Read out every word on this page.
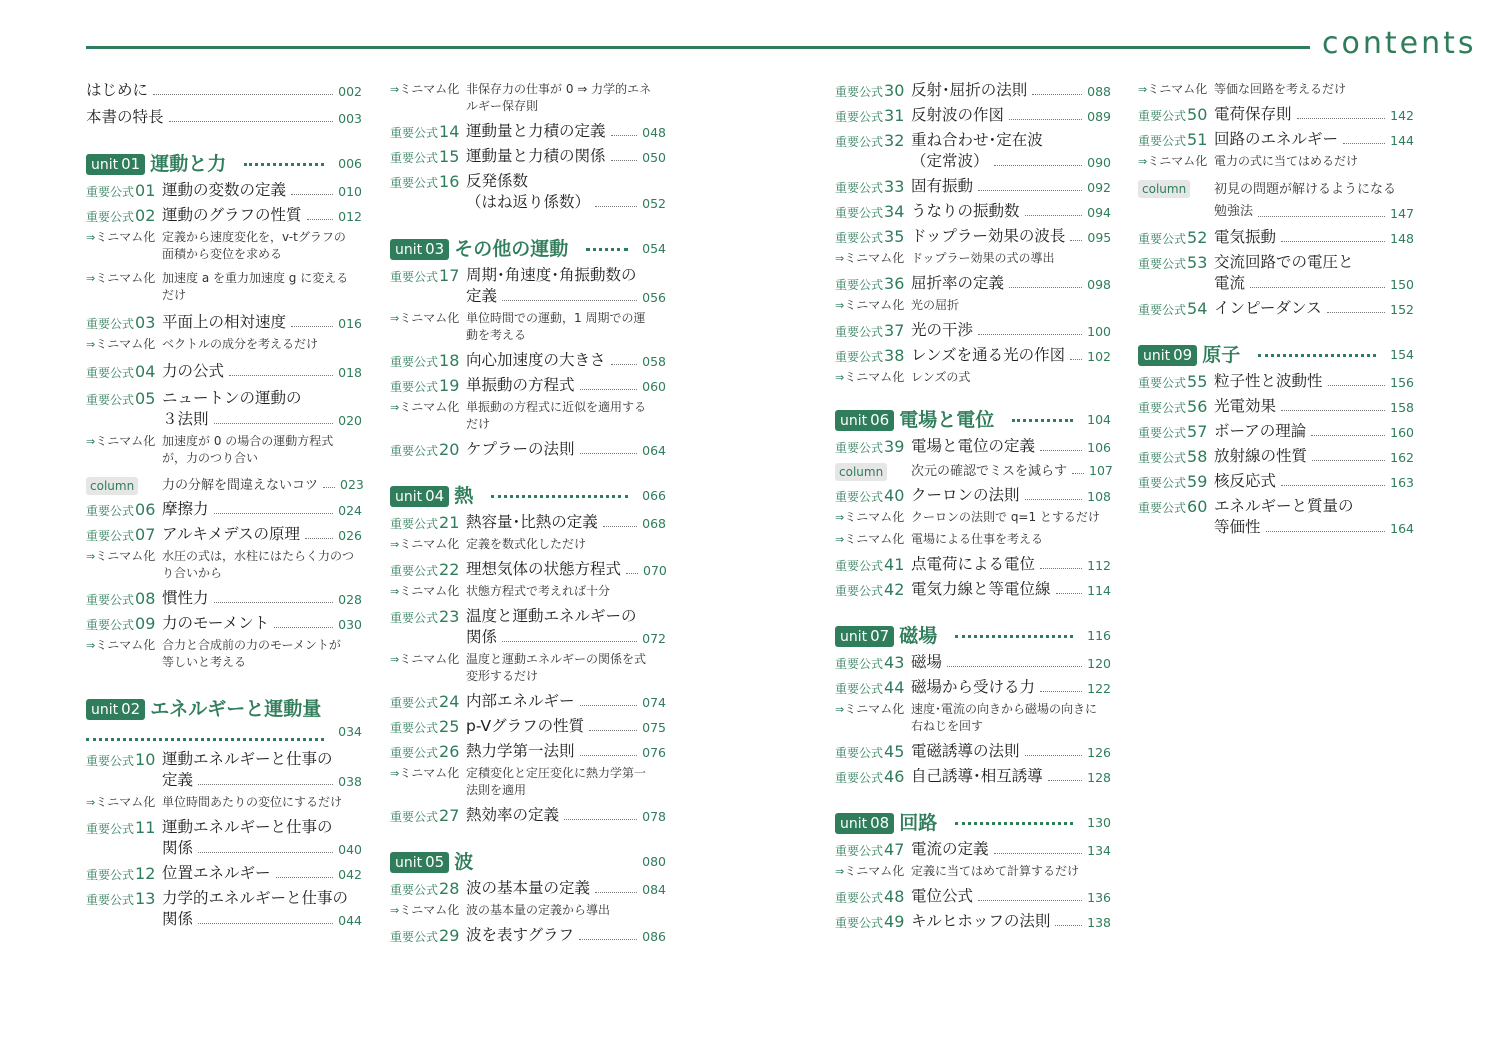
contents
はじめに	002
本書の特長	003
unit 01 運動と力	006
重要公式01 運動の変数の定義	010
重要公式02 運動のグラフの性質	012
⇒ミニマム化 定義から速度変化を，v-tグラフの
面積から変位を求める
⇒ミニマム化 加速度 a を重力加速度 g に変える
だけ
重要公式03 平面上の相対速度	016
⇒ミニマム化 ベクトルの成分を考えるだけ
重要公式04 力の公式	018
重要公式05 ニュートンの運動の
３法則	020
⇒ミニマム化 加速度が 0 の場合の運動方程式
が，力のつり合い
column	力の分解を間違えないコツ 023
重要公式06 摩擦力	024
重要公式07 アルキメデスの原理	026
⇒ミニマム化 水圧の式は，水柱にはたらく力のつ
り合いから
重要公式08 慣性力	028
重要公式09 力のモーメント	030
⇒ミニマム化 合力と合成前の力のモーメントが
等しいと考える
unit 02 エネルギーと運動量
034
重要公式10 運動エネルギーと仕事の
定義	038
⇒ミニマム化 単位時間あたりの変位にするだけ
重要公式11 運動エネルギーと仕事の
関係	040
重要公式12 位置エネルギー	042
重要公式13 力学的エネルギーと仕事の
関係	044
⇒ミニマム化 非保存力の仕事が 0 ⇒ 力学的エネ
ルギー保存則
重要公式14 運動量と力積の定義	048
重要公式15 運動量と力積の関係	050
重要公式16 反発係数
（はね返り係数）	052
unit 03 その他の運動	054
重要公式17 周期･角速度･角振動数の
定義	056
⇒ミニマム化 単位時間での運動，1 周期での運
動を考える
重要公式18 向心加速度の大きさ	058
重要公式19 単振動の方程式	060
⇒ミニマム化 単振動の方程式に近似を適用する
だけ
重要公式20 ケプラーの法則	064
unit 04 熱	066
重要公式21 熱容量･比熱の定義	068
⇒ミニマム化 定義を数式化しただけ
重要公式22 理想気体の状態方程式 070
⇒ミニマム化 状態方程式で考えれば十分
重要公式23 温度と運動エネルギーの
関係	072
⇒ミニマム化 温度と運動エネルギーの関係を式
変形するだけ
重要公式24 内部エネルギー	074
重要公式25 p-Vグラフの性質	075
重要公式26 熱力学第一法則	076
⇒ミニマム化 定積変化と定圧変化に熱力学第一
法則を適用
重要公式27 熱効率の定義	078
unit 05 波	080
重要公式28 波の基本量の定義	084
⇒ミニマム化 波の基本量の定義から導出
重要公式29 波を表すグラフ	086
重要公式30 反射･屈折の法則	088
重要公式31 反射波の作図	089
重要公式32 重ね合わせ･定在波
（定常波）	090
重要公式33 固有振動	092
重要公式34 うなりの振動数	094
重要公式35 ドップラー効果の波長 095
⇒ミニマム化 ドップラー効果の式の導出
重要公式36 屈折率の定義	098
⇒ミニマム化 光の屈折
重要公式37 光の干渉	100
重要公式38 レンズを通る光の作図 102
⇒ミニマム化 レンズの式
unit 06 電場と電位	104
重要公式39 電場と電位の定義	106
column	次元の確認でミスを減らす 107
重要公式40 クーロンの法則	108
⇒ミニマム化 クーロンの法則で q=1 とするだけ
⇒ミニマム化 電場による仕事を考える
重要公式41 点電荷による電位	112
重要公式42 電気力線と等電位線	114
unit 07 磁場	116
重要公式43 磁場	120
重要公式44 磁場から受ける力	122
⇒ミニマム化 速度･電流の向きから磁場の向きに
右ねじを回す
重要公式45 電磁誘導の法則	126
重要公式46 自己誘導･相互誘導	128
unit 08 回路	130
重要公式47 電流の定義	134
⇒ミニマム化 定義に当てはめて計算するだけ
重要公式48 電位公式	136
重要公式49 キルヒホッフの法則	138
⇒ミニマム化 等価な回路を考えるだけ
重要公式50 電荷保存則	142
重要公式51 回路のエネルギー	144
⇒ミニマム化 電力の式に当てはめるだけ
column	初見の問題が解けるようになる
勉強法	147
重要公式52 電気振動	148
重要公式53 交流回路での電圧と
電流	150
重要公式54 インピーダンス	152
unit 09 原子	154
重要公式55 粒子性と波動性	156
重要公式56 光電効果	158
重要公式57 ボーアの理論	160
重要公式58 放射線の性質	162
重要公式59 核反応式	163
重要公式60 エネルギーと質量の
等価性	164
